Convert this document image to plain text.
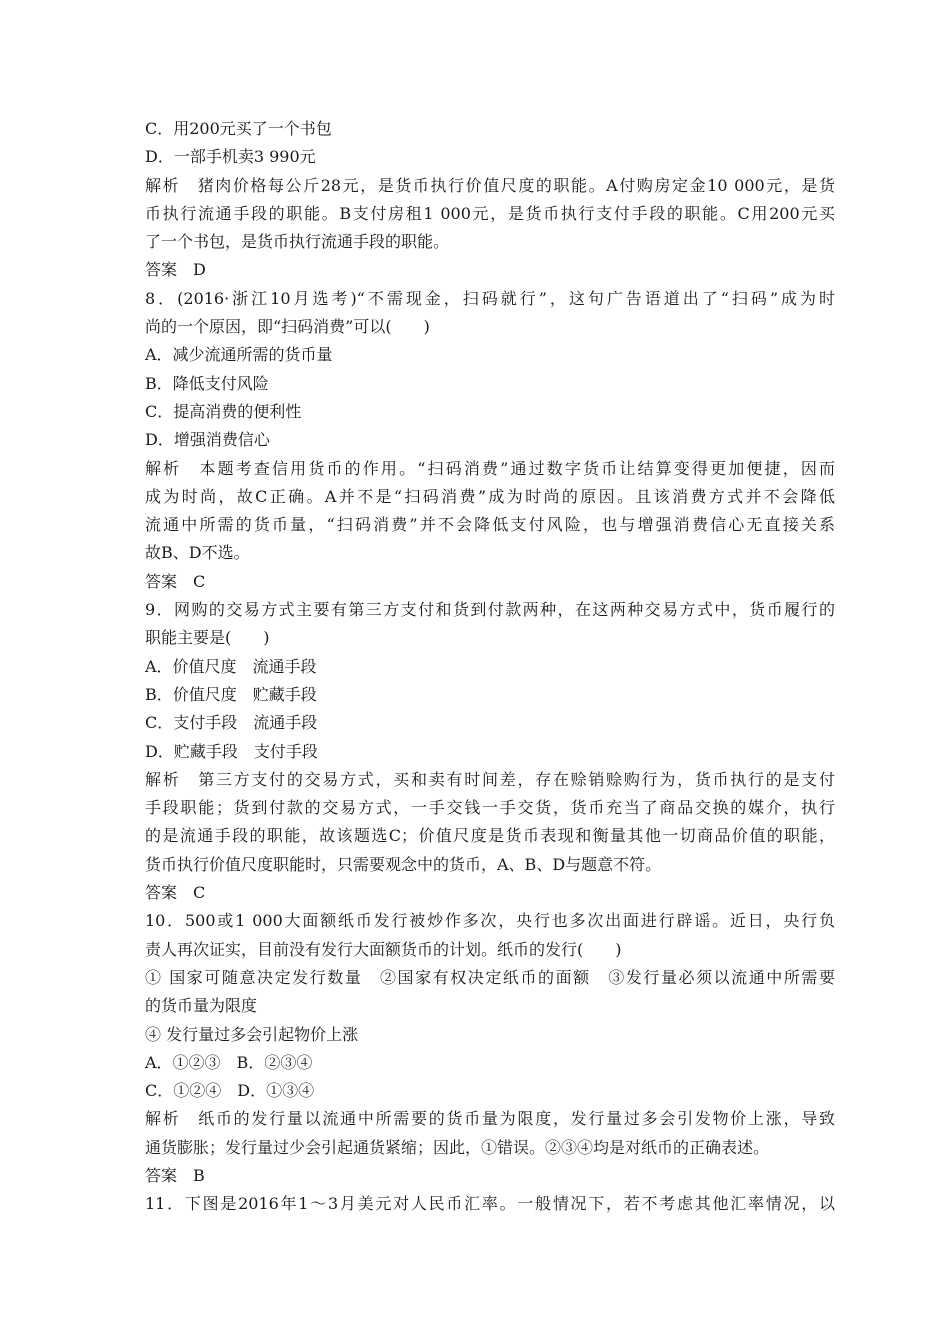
C．用200元买了一个书包
D．一部手机卖3 990元
解析　猪肉价格每公斤28元，是货币执行价值尺度的职能。A付购房定金10 000元，是货
币执行流通手段的职能。B支付房租1 000元，是货币执行支付手段的职能。C用200元买
了一个书包，是货币执行流通手段的职能。
答案　D
8．(2016·浙江10月选考)“不需现金，扫码就行”，这句广告语道出了“扫码”成为时
尚的一个原因，即“扫码消费”可以(　　)
A．减少流通所需的货币量
B．降低支付风险
C．提高消费的便利性
D．增强消费信心
解析　本题考查信用货币的作用。“扫码消费”通过数字货币让结算变得更加便捷，因而
成为时尚，故C正确。A并不是“扫码消费”成为时尚的原因。且该消费方式并不会降低
流通中所需的货币量，“扫码消费”并不会降低支付风险，也与增强消费信心无直接关系
故B、D不选。
答案　C
9．网购的交易方式主要有第三方支付和货到付款两种，在这两种交易方式中，货币履行的
职能主要是(　　)
A．价值尺度　流通手段
B．价值尺度　贮藏手段
C．支付手段　流通手段
D．贮藏手段　支付手段
解析　第三方支付的交易方式，买和卖有时间差，存在赊销赊购行为，货币执行的是支付
手段职能；货到付款的交易方式，一手交钱一手交货，货币充当了商品交换的媒介，执行
的是流通手段的职能，故该题选C；价值尺度是货币表现和衡量其他一切商品价值的职能，
货币执行价值尺度职能时，只需要观念中的货币，A、B、D与题意不符。
答案　C
10．500或1 000大面额纸币发行被炒作多次，央行也多次出面进行辟谣。近日，央行负
责人再次证实，目前没有发行大面额货币的计划。纸币的发行(　　)
① 国家可随意决定发行数量　②国家有权决定纸币的面额　③发行量必须以流通中所需要
的货币量为限度
④ 发行量过多会引起物价上涨
A．①②③　B．②③④
C．①②④　D．①③④
解析　纸币的发行量以流通中所需要的货币量为限度，发行量过多会引发物价上涨，导致
通货膨胀；发行量过少会引起通货紧缩；因此，①错误。②③④均是对纸币的正确表述。
答案　B
11．下图是2016年1～3月美元对人民币汇率。一般情况下，若不考虑其他汇率情况，以
